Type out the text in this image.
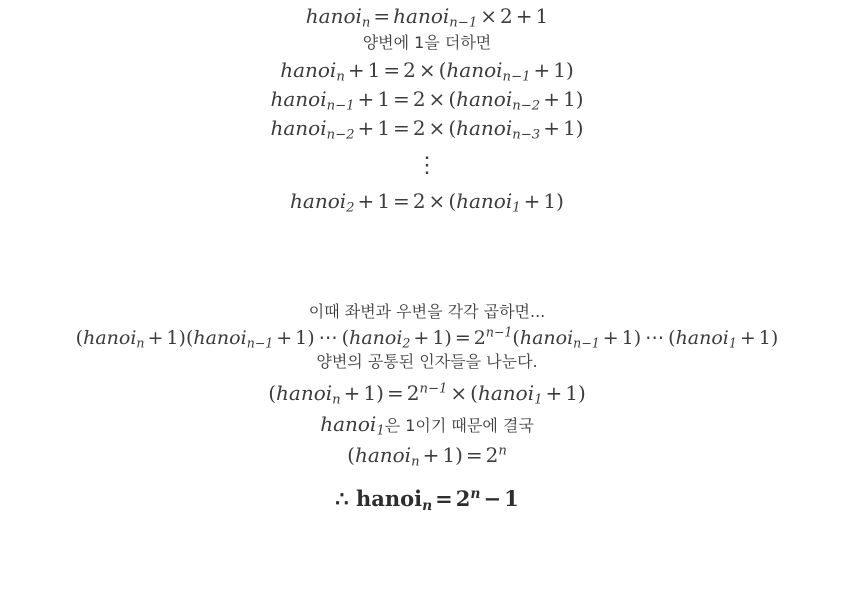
hanoi$_n$ = hanoi$_{n-1}$ × 2 + 1
양변에 1을 더하면
hanoi$_n$ + 1 = 2 × (hanoi$_{n-1}$ + 1)
hanoi$_{n-1}$ + 1 = 2 × (hanoi$_{n-2}$ + 1)
hanoi$_{n-2}$ + 1 = 2 × (hanoi$_{n-3}$ + 1)
⋮
hanoi$_2$ + 1 = 2 × (hanoi$_1$ + 1)
이때 좌변과 우변을 각각 곱하면...
(hanoi$_n$ + 1)(hanoi$_{n-1}$ + 1) ⋯ (hanoi$_2$ + $1) = 2^{n-1}(hanoi_{n-1} + 1)$ ⋯ (hanoi$_1$ + 1)
양변의 공통된 인자들을 나눈다.
(hanoi$_n$ + $1) = 2^{n-1}$ × (hanoi$_1$ + 1)
hanoi$_1$은 1이기 때문에 결국
(hanoi$_n$ + $1) = 2^n$
∴ hanoi$_n$ = $2^n - 1$
